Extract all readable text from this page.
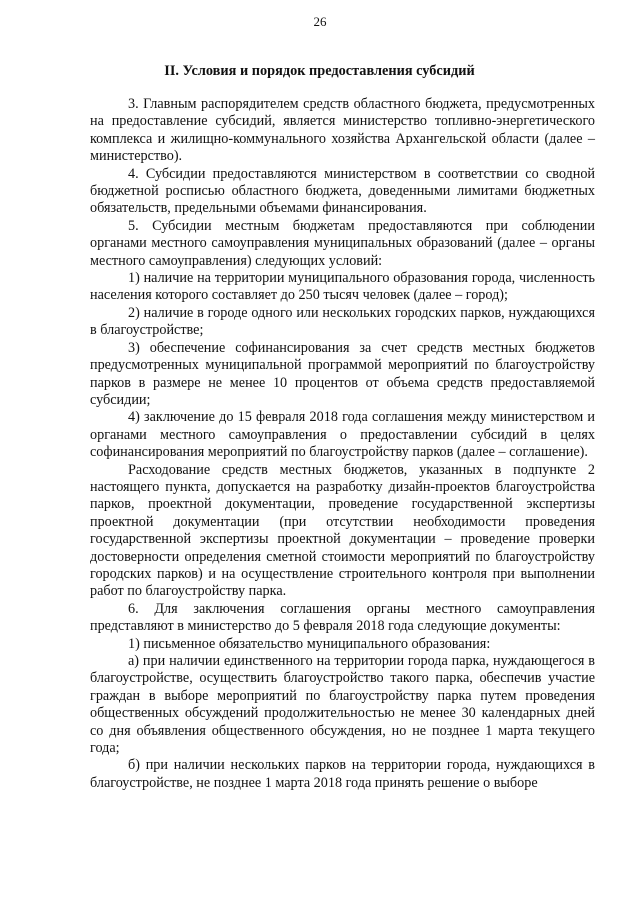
26
II. Условия и порядок предоставления субсидий

3. Главным распорядителем средств областного бюджета, предусмотренных на предоставление субсидий, является министерство топливно-энергетического комплекса и жилищно-коммунального хозяйства Архангельской области (далее – министерство).

4. Субсидии предоставляются министерством в соответствии со сводной бюджетной росписью областного бюджета, доведенными лимитами бюджетных обязательств, предельными объемами финансирования.

5. Субсидии местным бюджетам предоставляются при соблюдении органами местного самоуправления муниципальных образований (далее – органы местного самоуправления) следующих условий:

1) наличие на территории муниципального образования города, численность населения которого составляет до 250 тысяч человек (далее – город);

2) наличие в городе одного или нескольких городских парков, нуждающихся в благоустройстве;

3) обеспечение софинансирования за счет средств местных бюджетов предусмотренных муниципальной программой мероприятий по благоустройству парков в размере не менее 10 процентов от объема средств предоставляемой субсидии;

4) заключение до 15 февраля 2018 года соглашения между министерством и органами местного самоуправления о предоставлении субсидий в целях софинансирования мероприятий по благоустройству парков (далее – соглашение).

Расходование средств местных бюджетов, указанных в подпункте 2 настоящего пункта, допускается на разработку дизайн-проектов благоустройства парков, проектной документации, проведение государственной экспертизы проектной документации (при отсутствии необходимости проведения государственной экспертизы проектной документации – проведение проверки достоверности определения сметной стоимости мероприятий по благоустройству городских парков) и на осуществление строительного контроля при выполнении работ по благоустройству парка.

6. Для заключения соглашения органы местного самоуправления представляют в министерство до 5 февраля 2018 года следующие документы:

1) письменное обязательство муниципального образования:

а) при наличии единственного на территории города парка, нуждающегося в благоустройстве, осуществить благоустройство такого парка, обеспечив участие граждан в выборе мероприятий по благоустройству парка путем проведения общественных обсуждений продолжительностью не менее 30 календарных дней со дня объявления общественного обсуждения, но не позднее 1 марта текущего года;

б) при наличии нескольких парков на территории города, нуждающихся в благоустройстве, не позднее 1 марта 2018 года принять решение о выборе
